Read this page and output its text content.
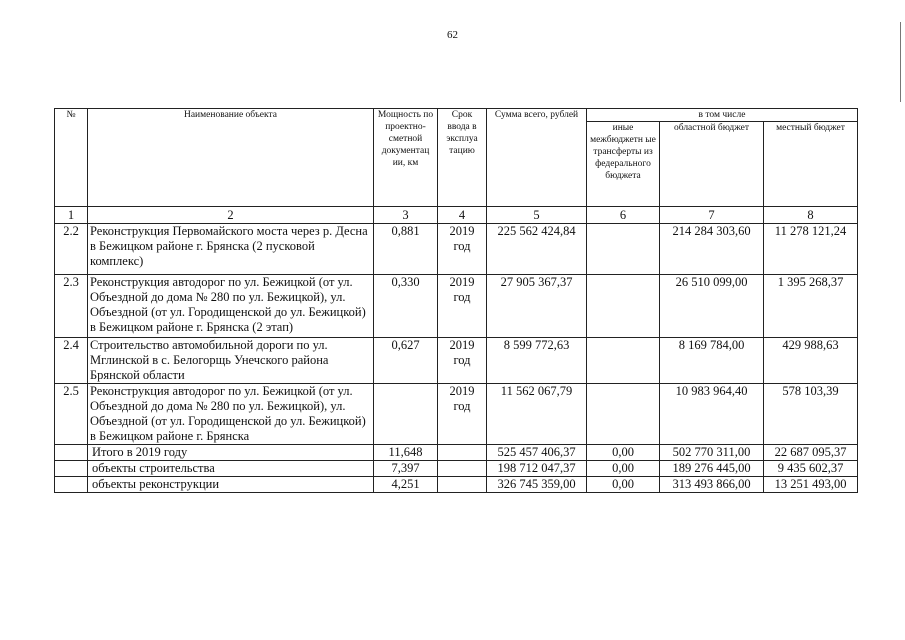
62
№	Наименование объекта	Мощность по проектно-сметной документац ии, км	Срок ввода в эксплуа тацию	Сумма всего, рублей	в том числе		
					иные межбюджетн ые трансферты из федерального бюджета	областной бюджет	местный бюджет
1	2	3	4	5	6	7	8
2.2	Реконструкция Первомайского моста через р. Десна в Бежицком районе г. Брянска (2 пусковой комплекс)	0,881	2019 год	225 562 424,84		214 284 303,60	11 278 121,24
2.3	Реконструкция автодорог по ул. Бежицкой (от ул. Объездной до дома № 280 по ул. Бежицкой), ул. Объездной (от ул. Городищенской до ул. Бежицкой) в Бежицком районе г. Брянска (2 этап)	0,330	2019 год	27 905 367,37		26 510 099,00	1 395 268,37
2.4	Строительство автомобильной дороги по ул. Мглинской в с. Белогорщь Унечского района Брянской области	0,627	2019 год	8 599 772,63		8 169 784,00	429 988,63
2.5	Реконструкция автодорог по ул. Бежицкой (от ул. Объездной до дома № 280 по ул. Бежицкой), ул. Объездной (от ул. Городищенской до ул. Бежицкой) в Бежицком районе г. Брянска		2019 год	11 562 067,79		10 983 964,40	578 103,39
	Итого в 2019 году	11,648		525 457 406,37	0,00	502 770 311,00	22 687 095,37
	объекты строительства	7,397		198 712 047,37	0,00	189 276 445,00	9 435 602,37
	объекты реконструкции	4,251		326 745 359,00	0,00	313 493 866,00	13 251 493,00
